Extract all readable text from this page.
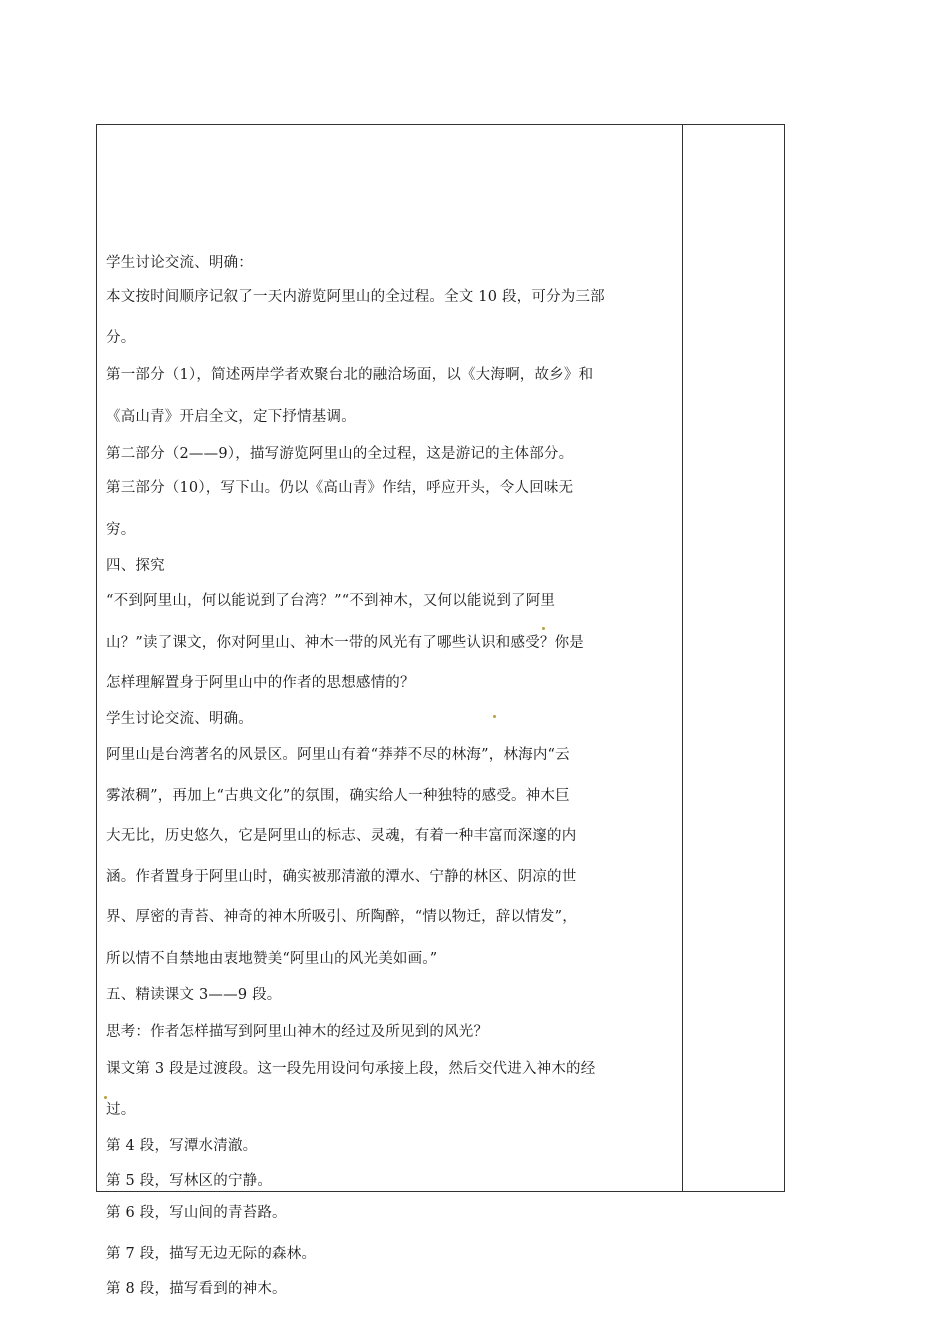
学生讨论交流、明确：
本文按时间顺序记叙了一天内游览阿里山的全过程。全文 10 段，可分为三部
分。
第一部分（1），简述两岸学者欢聚台北的融洽场面，以《大海啊，故乡》和
《高山青》开启全文，定下抒情基调。
第二部分（2——9），描写游览阿里山的全过程，这是游记的主体部分。
第三部分（10），写下山。仍以《高山青》作结，呼应开头，令人回味无
穷。
四、探究
“不到阿里山，何以能说到了台湾？”“不到神木，又何以能说到了阿里
山？”读了课文，你对阿里山、神木一带的风光有了哪些认识和感受？你是
怎样理解置身于阿里山中的作者的思想感情的？
学生讨论交流、明确。
阿里山是台湾著名的风景区。阿里山有着“莽莽不尽的林海”，林海内“云
雾浓稠”，再加上“古典文化”的氛围，确实给人一种独特的感受。神木巨
大无比，历史悠久，它是阿里山的标志、灵魂，有着一种丰富而深邃的内
涵。作者置身于阿里山时，确实被那清澈的潭水、宁静的林区、阴凉的世
界、厚密的青苔、神奇的神木所吸引、所陶醉，“情以物迁，辞以情发”，
所以情不自禁地由衷地赞美“阿里山的风光美如画。”
五、精读课文 3——9 段。
思考：作者怎样描写到阿里山神木的经过及所见到的风光？
课文第 3 段是过渡段。这一段先用设问句承接上段，然后交代进入神木的经
过。
第 4 段，写潭水清澈。
第 5 段，写林区的宁静。
第 6 段，写山间的青苔路。
第 7 段，描写无边无际的森林。
第 8 段，描写看到的神木。
